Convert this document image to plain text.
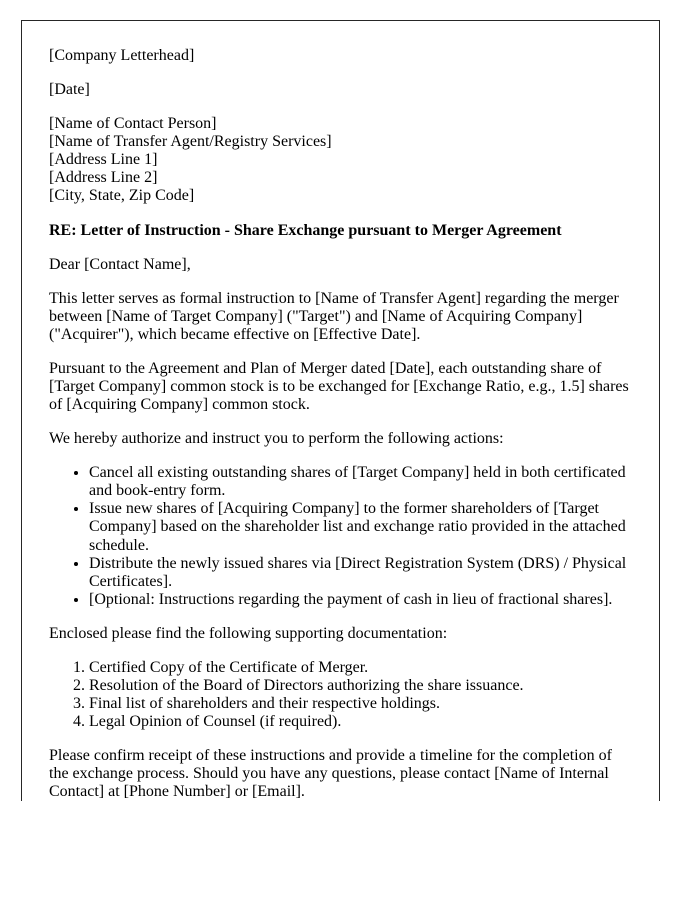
[Company Letterhead]

[Date]

[Name of Contact Person]
[Name of Transfer Agent/Registry Services]
[Address Line 1]
[Address Line 2]
[City, State, Zip Code]

RE: Letter of Instruction - Share Exchange pursuant to Merger Agreement

Dear [Contact Name],

This letter serves as formal instruction to [Name of Transfer Agent] regarding the merger between [Name of Target Company] ("Target") and [Name of Acquiring Company] ("Acquirer"), which became effective on [Effective Date].

Pursuant to the Agreement and Plan of Merger dated [Date], each outstanding share of [Target Company] common stock is to be exchanged for [Exchange Ratio, e.g., 1.5] shares of [Acquiring Company] common stock.

We hereby authorize and instruct you to perform the following actions:

• Cancel all existing outstanding shares of [Target Company] held in both certificated and book-entry form.
• Issue new shares of [Acquiring Company] to the former shareholders of [Target Company] based on the shareholder list and exchange ratio provided in the attached schedule.
• Distribute the newly issued shares via [Direct Registration System (DRS) / Physical Certificates].
• [Optional: Instructions regarding the payment of cash in lieu of fractional shares].

Enclosed please find the following supporting documentation:

1. Certified Copy of the Certificate of Merger.
2. Resolution of the Board of Directors authorizing the share issuance.
3. Final list of shareholders and their respective holdings.
4. Legal Opinion of Counsel (if required).

Please confirm receipt of these instructions and provide a timeline for the completion of the exchange process. Should you have any questions, please contact [Name of Internal Contact] at [Phone Number] or [Email].
